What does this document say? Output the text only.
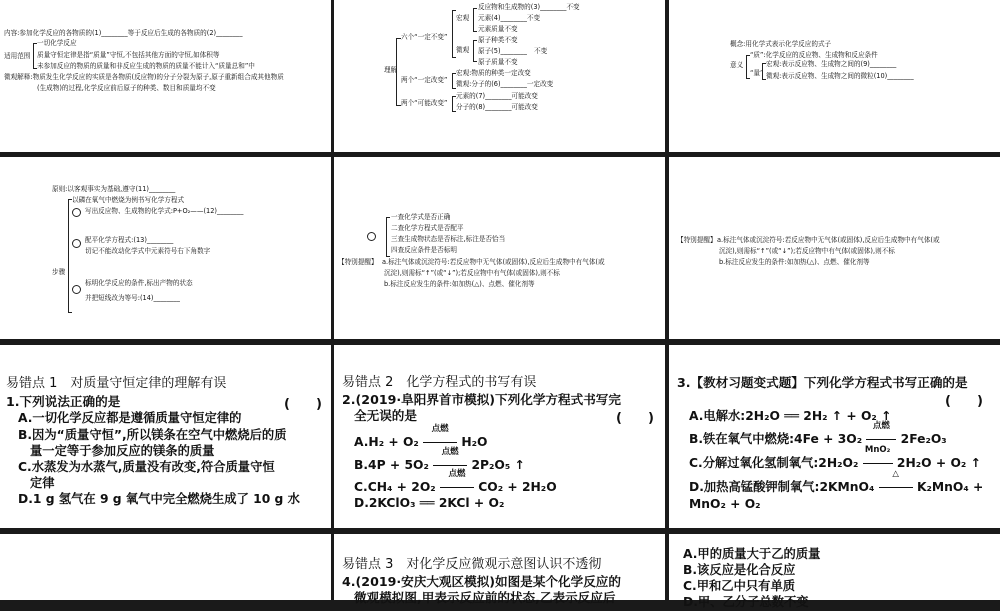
内容:参加化学反应的各物质的(1)________等于反应后生成的各物质的(2)________
适用范围
一切化学反应
质量守恒定律是指“质量”守恒,不包括其他方面的守恒,如体积等
未参加反应的物质的质量和非反应生成的物质的质量不能计入“质量总和”中
微观解释:物质发生化学反应的实质是各物质(反应物)的分子分裂为原子,原子重新组合成其他物质
(生成物)的过程,化学反应前后原子的种类、数目和质量均不变
理解
六个“一定不变”
宏观
微观
反应物和生成物的(3)________不变
元素(4)________不变
元素质量不变
原子种类不变
原子(5)________ 不变
原子质量不变
两个“一定改变”
宏观:物质的种类一定改变
微观:分子的(6)________一定改变
两个“可能改变”
元素的(7)________可能改变
分子的(8)________可能改变
概念:用化学式表示化学反应的式子
意义
“质”:化学反应的反应物、生成物和反应条件
“量”
宏观:表示反应物、生成物之间的(9)________
微观:表示反应物、生成物之间的微粒(10)________
原则:以客观事实为基础,遵守(11)________
以磷在氧气中燃烧为例书写化学方程式
步骤
写出反应物、生成物的化学式:P+O₂——(12)________
配平化学方程式:(13)________
切记不能改动化学式中元素符号右下角数字
标明化学反应的条件,标出产物的状态
并把短线改为等号:(14)________
一查化学式是否正确
二查化学方程式是否配平
三查生成物状态是否标注,标注是否恰当
四查反应条件是否标明
【特别提醒】 a.标注气体或沉淀符号:若反应物中无气体(或固体),反应后生成物中有气体(或
沉淀),则需标“↑”(或“↓”);若反应物中有气体(或固体),则不标
b.标注反应发生的条件:如加热(△)、点燃、催化剂等
【特别提醒】 a.标注气体或沉淀符号:若反应物中无气体(或固体),反应后生成物中有气体(或
沉淀),则需标“↑”(或“↓”);若反应物中有气体(或固体),则不标
b.标注反应发生的条件:如加热(△)、点燃、催化剂等
易错点 1　对质量守恒定律的理解有误
1.下列说法正确的是	(　　)
A.一切化学反应都是遵循质量守恒定律的
B.因为“质量守恒”,所以镁条在空气中燃烧后的质
量一定等于参加反应的镁条的质量
C.水蒸发为水蒸气,质量没有改变,符合质量守恒
定律
D.1 g 氢气在 9 g 氧气中完全燃烧生成了 10 g 水
易错点 2　化学方程式的书写有误
2.(2019·阜阳界首市模拟)下列化学方程式书写完
全无误的是	(　　)
A.H₂ + O₂
点燃
H₂O
B.4P + 5O₂
点燃
2P₂O₅ ↑
C.CH₄ + 2O₂
点燃
CO₂ + 2H₂O
D.2KClO₃ ══ 2KCl + O₂
3.【教材习题变式题】下列化学方程式书写正确的是
(　　)
A.电解水:2H₂O ══ 2H₂ ↑ + O₂ ↑
B.铁在氧气中燃烧:4Fe + 3O₂
点燃
2Fe₂O₃
C.分解过氧化氢制氧气:2H₂O₂
MnO₂
2H₂O + O₂ ↑
D.加热高锰酸钾制氧气:2KMnO₄
△
K₂MnO₄ +
MnO₂ + O₂
易错点 3　对化学反应微观示意图认识不透彻
4.(2019·安庆大观区模拟)如图是某个化学反应的
微观模拟图,甲表示反应前的状态,乙表示反应后
A.甲的质量大于乙的质量
B.该反应是化合反应
C.甲和乙中只有单质
D.甲、乙分子总数不变
